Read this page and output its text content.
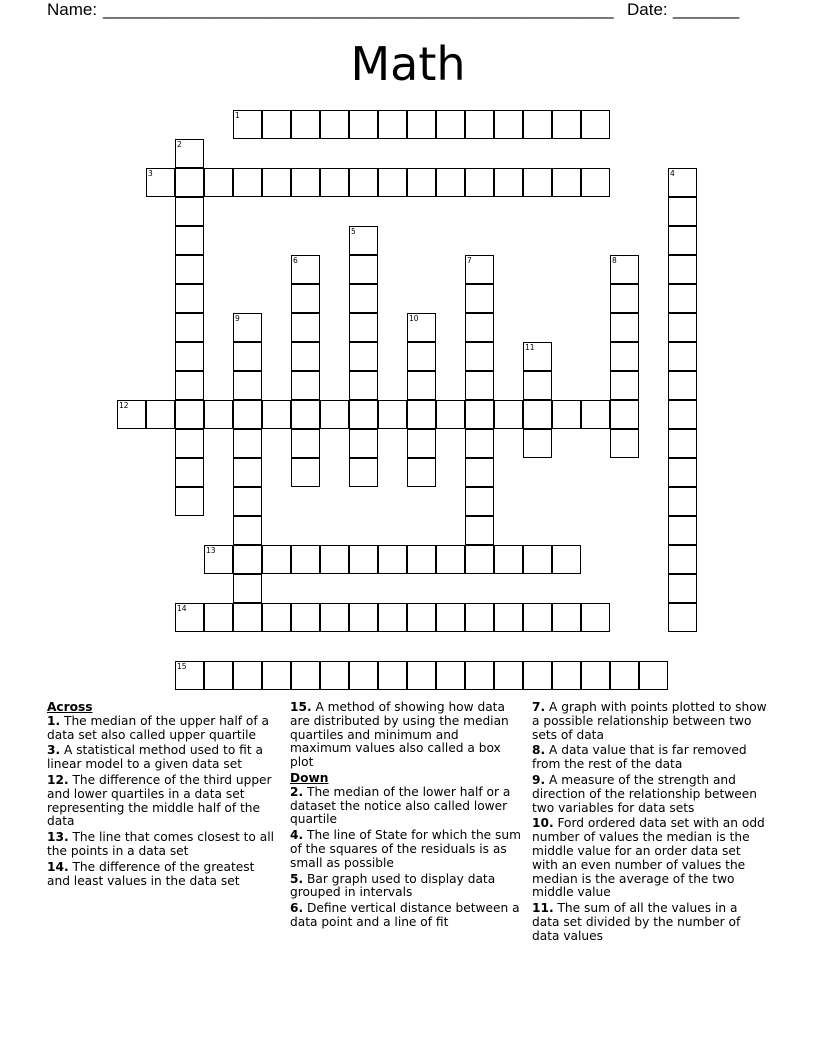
Name: ______________________________________________________ Date: _______
Math
1
2
3	4
5
6	7	8
9	10
11
12
13
14
15
Across
1. The median of the upper half of a data set also called upper quartile
3. A statistical method used to fit a linear model to a given data set
12. The difference of the third upper and lower quartiles in a data set representing the middle half of the data
13. The line that comes closest to all the points in a data set
14. The difference of the greatest and least values in the data set
15. A method of showing how data are distributed by using the median quartiles and minimum and maximum values also called a box plot
Down
2. The median of the lower half or a dataset the notice also called lower quartile
4. The line of State for which the sum of the squares of the residuals is as small as possible
5. Bar graph used to display data grouped in intervals
6. Define vertical distance between a data point and a line of fit
7. A graph with points plotted to show a possible relationship between two sets of data
8. A data value that is far removed from the rest of the data
9. A measure of the strength and direction of the relationship between two variables for data sets
10. Ford ordered data set with an odd number of values the median is the middle value for an order data set with an even number of values the median is the average of the two middle value
11. The sum of all the values in a data set divided by the number of data values
